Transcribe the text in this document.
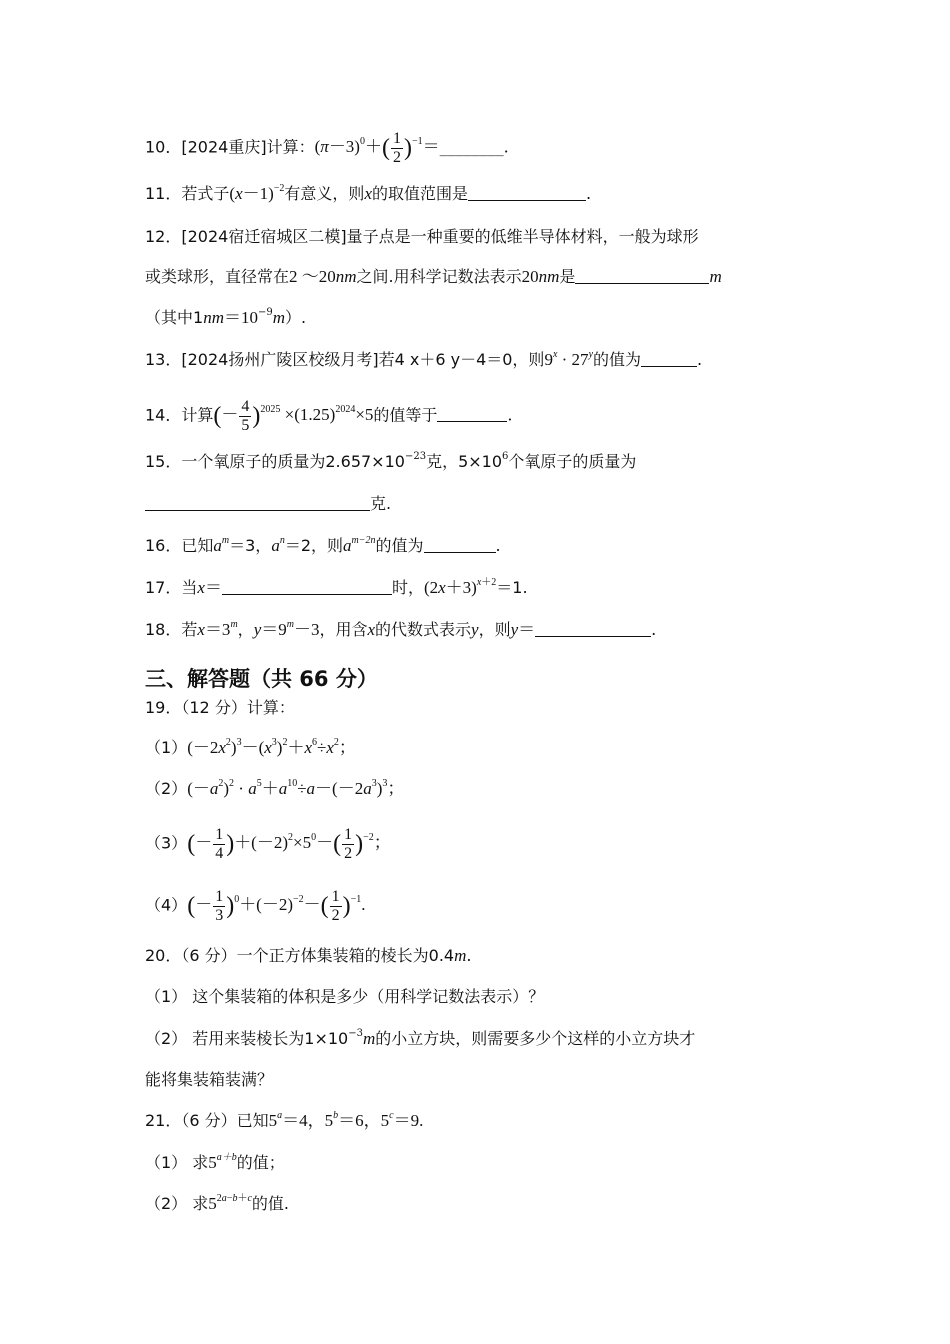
10．[2024重庆]计算：$(\pi-3)^0+( \frac{1}{2}$ )$^{-1}=\_\_\_\_\_\_\_\_$.
11．若式子$(x-1)^{-2}$有意义，则x的取值范围是	.
12．[2024宿迁宿城区二模]量子点是一种重要的低维半导体材料，一般为球形
或类球形，直径常在2 ～20nm之间.用科学记数法表示20nm是	m
（其中$1nm=10^{-9}m$）.
13．[2024扬州广陵区校级月考]若4 x＋6 y－4＝0，则$9^x \cdot 27^y$的值为	.
14．计算(－ $\frac{4}{5} )^{2025} \times(1.25)^{2024}\times 5$的值等于	.
15．一个氧原子的质量为$2.657\times 10^{-23}$克，$5\times 10^6$个氧原子的质量为
克.
16．已知$a^m=3$，$a^n=2$，则$a^{m-2n}$的值为	.
17．当x＝	时，$(2x+3)^{x+2}=1$.
18．若$x=3^m$，$y=9^m-3$，用含x的代数式表示y，则y＝	.
三、解答题（共 66 分）
19．（12 分）计算：
$(1)(-2x^2)^3-(x^3)^2+x^6\div x^2$；
$(2)(-a^2)^2 \cdot a^5+a^{10}\div a-(-2a^3)^3$；
$(3)(- \frac{1}{4} )+(-2)^2\times 5^0-( \frac{1}{2} )^{-2}$；
$(4)(- \frac{1}{3} )^0+(-2)^{-2}-( \frac{1}{2} )^{-1}$.
20．（6 分）一个正方体集装箱的棱长为0.4m.
（1） 这个集装箱的体积是多少（用科学记数法表示）？
（2） 若用来装棱长为$1\times 10^{-3}m$的小立方块，则需要多少个这样的小立方块才
能将集装箱装满？
21．（6 分）已知$5^a=4$，$5^b=6$，$5^c=9$.
（1） 求$5^{a+b}$的值；
（2） 求$5^{2a-b+c}$的值.
